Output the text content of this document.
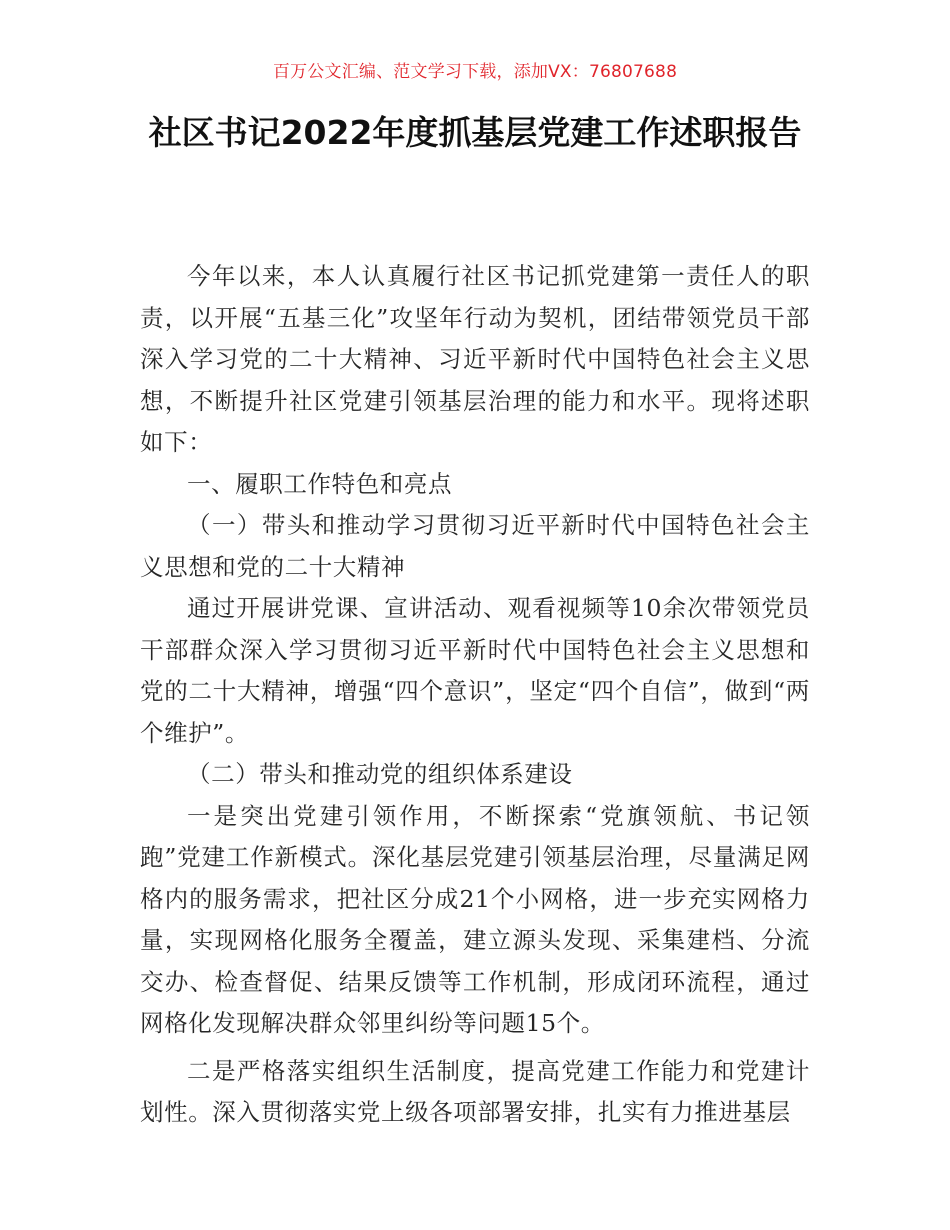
百万公文汇编、范文学习下载，添加VX：76807688
社区书记2022年度抓基层党建工作述职报告

今年以来，本人认真履行社区书记抓党建第一责任人的职责，以开展“五基三化”攻坚年行动为契机，团结带领党员干部深入学习党的二十大精神、习近平新时代中国特色社会主义思想，不断提升社区党建引领基层治理的能力和水平。现将述职如下：

一、履职工作特色和亮点

（一）带头和推动学习贯彻习近平新时代中国特色社会主义思想和党的二十大精神

通过开展讲党课、宣讲活动、观看视频等10余次带领党员干部群众深入学习贯彻习近平新时代中国特色社会主义思想和党的二十大精神，增强“四个意识”，坚定“四个自信”，做到“两个维护”。

（二）带头和推动党的组织体系建设

一是突出党建引领作用，不断探索“党旗领航、书记领跑”党建工作新模式。深化基层党建引领基层治理，尽量满足网格内的服务需求，把社区分成21个小网格，进一步充实网格力量，实现网格化服务全覆盖，建立源头发现、采集建档、分流交办、检查督促、结果反馈等工作机制，形成闭环流程，通过网格化发现解决群众邻里纠纷等问题15个。

二是严格落实组织生活制度，提高党建工作能力和党建计划性。深入贯彻落实党上级各项部署安排，扎实有力推进基层
